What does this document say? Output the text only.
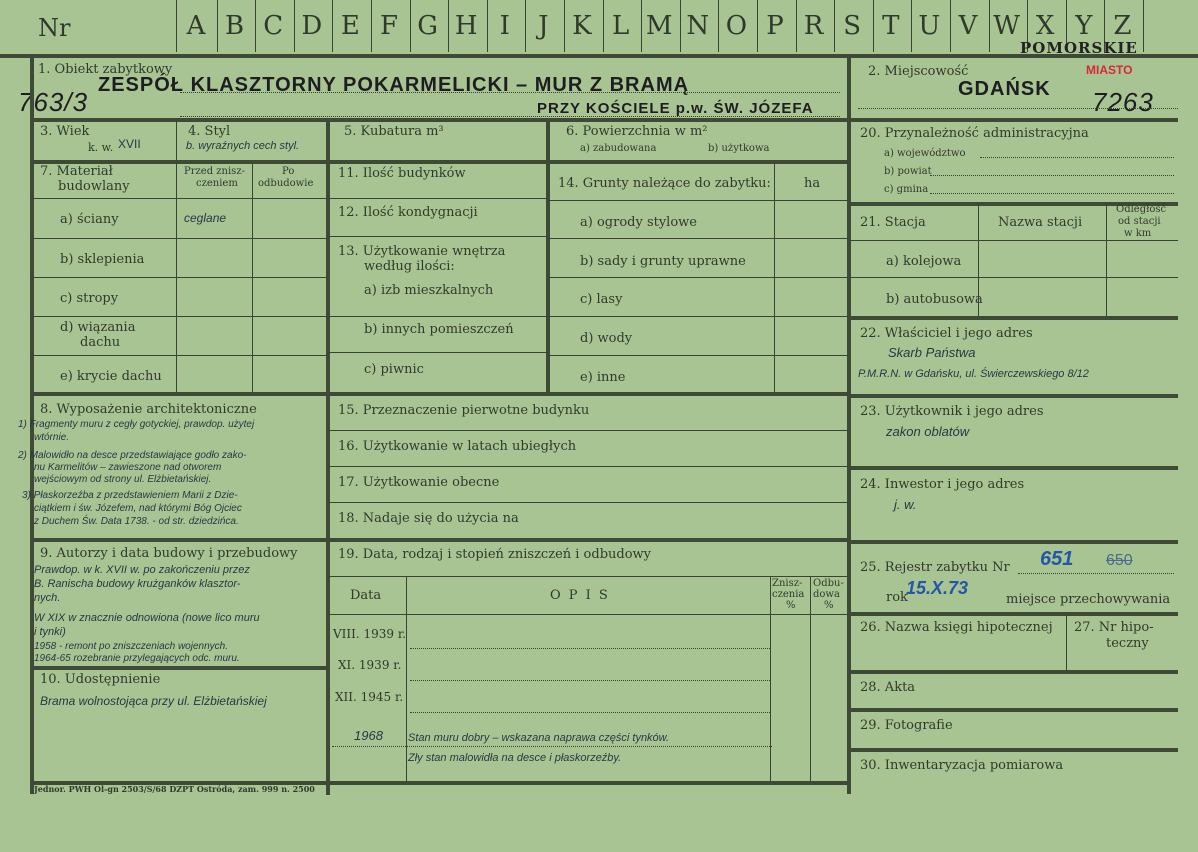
Nr	A B C D E F G H I	J K L M N O P R S T U V W X Y Z
POMORSKIE
1. Obiekt zabytkowy
ZESPÓŁ KLASZTORNY POKARMELICKI – MUR Z BRAMĄ
PRZY KOŚCIELE p.w. ŚW. JÓZEFA
763/3
2. Miejscowość	MIASTO
GDAŃSK 7263
3. Wiek
k. w. XVII
4. Styl
b. wyraźnych cech styl.
7. Materiał
budowlany
Przed znisz-
czeniem
Po
odbudowie
a) ściany	ceglane
b) sklepienia
c) stropy
d) wiązania
dachu
e) krycie dachu
8. Wyposażenie architektoniczne
1) Fragmenty muru z cegły gotyckiej, prawdop. użytej
wtórnie.
2) Malowidło na desce przedstawiające godło zako-
nu Karmelitów – zawieszone nad otworem
wejściowym od strony ul. Elżbietańskiej.
3) Płaskorzeźba z przedstawieniem Marii z Dzie-
ciątkiem i św. Józefem, nad którymi Bóg Ojciec
z Duchem Św. Data 1738. - od str. dziedzińca.
9. Autorzy i data budowy i przebudowy
Prawdop. w k. XVII w. po zakończeniu przez
B. Ranischa budowy krużganków klasztor-
nych.
W XIX w znacznie odnowiona (nowe lico muru
i tynki)
1958 - remont po zniszczeniach wojennych.
1964-65 rozebranie przylegających odc. muru.
10. Udostępnienie
Brama wolnostojąca przy ul. Elżbietańskiej
5. Kubatura m³
11. Ilość budynków
12. Ilość kondygnacji
13. Użytkowanie wnętrza
według ilości:
a) izb mieszkalnych
b) innych pomieszczeń
c) piwnic
6. Powierzchnia w m²
a) zabudowana	b) użytkowa
14. Grunty należące do zabytku:	ha
a) ogrody stylowe
b) sady i grunty uprawne
c) lasy
d) wody
e) inne
15. Przeznaczenie pierwotne budynku
16. Użytkowanie w latach ubiegłych
17. Użytkowanie obecne
18. Nadaje się do użycia na
19. Data, rodzaj i stopień zniszczeń i odbudowy
Data	O P I S
Znisz-
czenia
%
Odbu-
dowa
%
VIII. 1939 r.
XI. 1939 r.
XII. 1945 r.
1968 Stan muru dobry – wskazana naprawa części tynków.
Zły stan malowidła na desce i płaskorzeźby.
20. Przynależność administracyjna
a) województwo
b) powiat
c) gmina
21. Stacja	Nazwa stacji
Odległość
od stacji
w km
a) kolejowa
b) autobusowa
22. Właściciel i jego adres
Skarb Państwa
P.M.R.N. w Gdańsku, ul. Świerczewskiego 8/12
23. Użytkownik i jego adres
zakon oblatów
24. Inwestor i jego adres
j. w.
25. Rejestr zabytku Nr 651 650
rok
15.X.73
miejsce przechowywania
26. Nazwa księgi hipotecznej 27. Nr hipo-
teczny
28. Akta
29. Fotografie
30. Inwentaryzacja pomiarowa
Jednor. PWH Ol-gn 2503/S/68 DZPT Ostróda, zam. 999 n. 2500
